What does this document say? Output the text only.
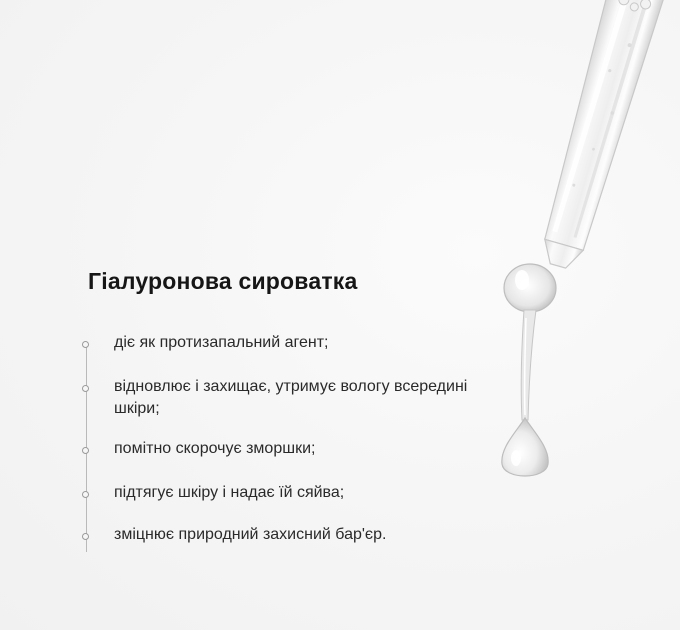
Гіалуронова сироватка
діє як протизапальний агент;
відновлює і захищає, утримує вологу всередині шкіри;
помітно скорочує зморшки;
підтягує шкіру і надає їй сяйва;
зміцнює природний захисний бар'єр.
